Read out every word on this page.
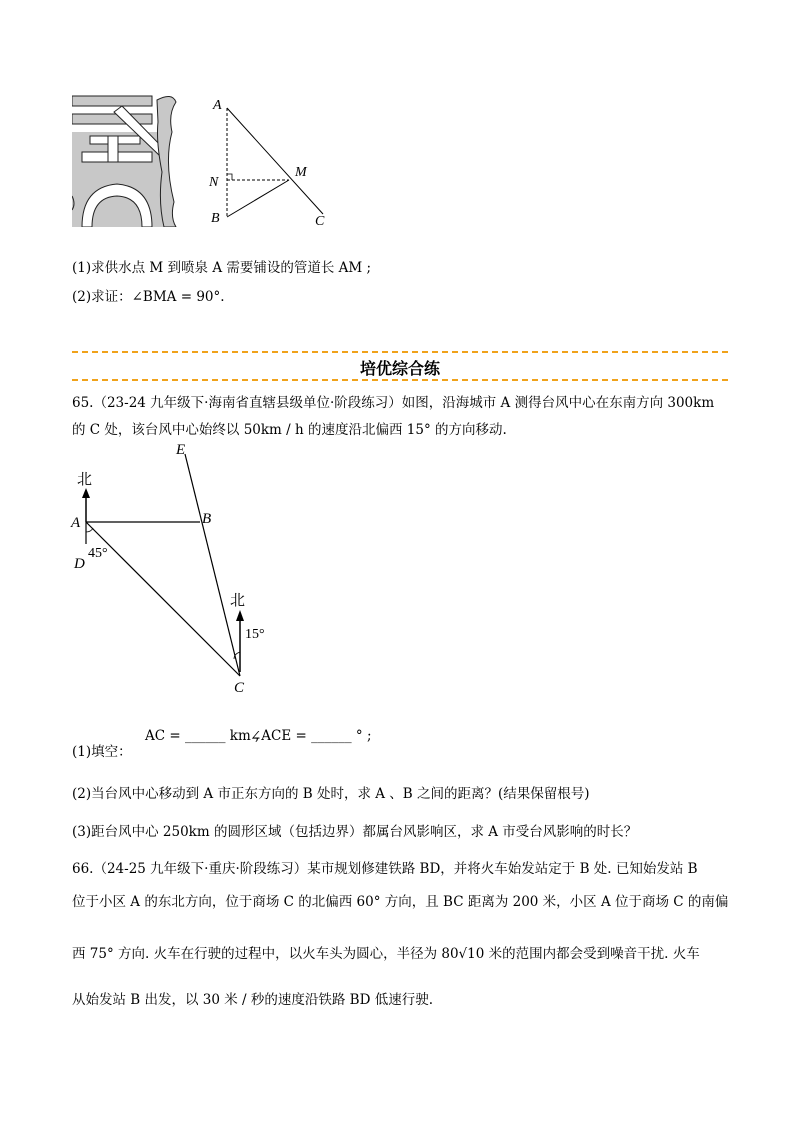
A
N
B
M
C
(1)求供水点 M 到喷泉 A 需要铺设的管道长 AM ;
(2)求证：∠BMA = 90°.
培优综合练
65.（23-24 九年级下·海南省直辖县级单位·阶段练习）如图，沿海城市 A 测得台风中心在东南方向 300km
的 C 处，该台风中心始终以 50km / h 的速度沿北偏西 15° 的方向移动.
北
北
E
A	B
D
45°
15°
C
(1)填空：
AC = ______ km ,
∠ACE = ______ ° ;
(2)当台风中心移动到 A 市正东方向的 B 处时，求 A 、B 之间的距离？(结果保留根号)
(3)距台风中心 250km 的圆形区域（包括边界）都属台风影响区，求 A 市受台风影响的时长？
66.（24-25 九年级下·重庆·阶段练习）某市规划修建铁路 BD，并将火车始发站定于 B 处. 已知始发站 B
位于小区 A 的东北方向，位于商场 C 的北偏西 60° 方向，且 BC 距离为 200 米，小区 A 位于商场 C 的南偏
西 75° 方向. 火车在行驶的过程中，以火车头为圆心，半径为 80√10 米的范围内都会受到噪音干扰. 火车
从始发站 B 出发，以 30 米 / 秒的速度沿铁路 BD 低速行驶.
